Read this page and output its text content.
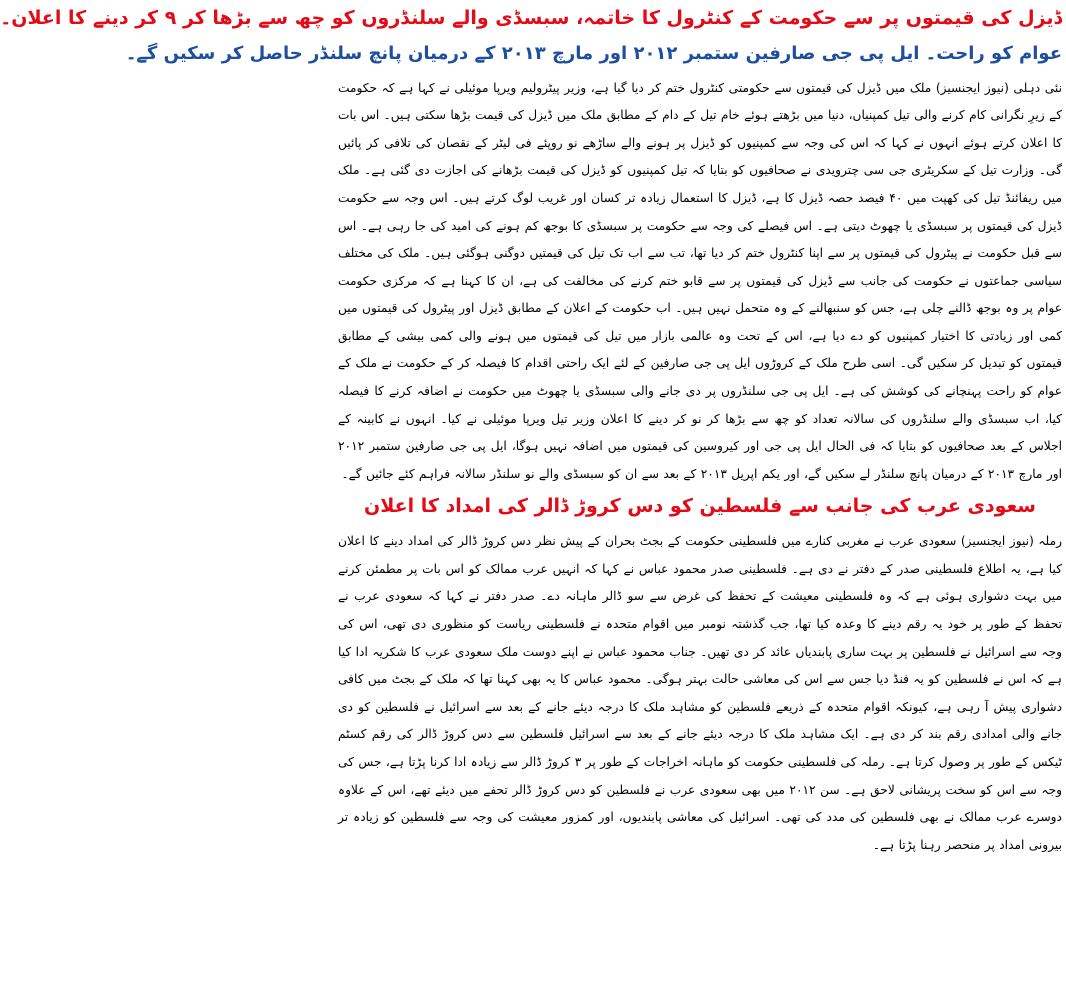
ڈیزل کی قیمتوں پر سے حکومت کے کنٹرول کا خاتمہ، سبسڈی والے سلنڈروں کو چھ سے بڑھا کر ۹ کر دینے کا اعلان۔
عوام کو راحت۔ ایل پی جی صارفین ستمبر ۲۰۱۲ اور مارچ ۲۰۱۳ کے درمیان پانچ سلنڈر حاصل کر سکیں گے۔

نئی دہلی (نیوز ایجنسیز) ملک میں ڈیزل کی قیمتوں سے حکومتی کنٹرول ختم کر دیا گیا ہے، وزیر پیٹرولیم ویرپا موئیلی نے کہا ہے کہ حکومت کے زیرِ نگرانی کام کرنے والی تیل کمپنیاں، دنیا میں بڑھتے ہوئے خام تیل کے دام کے مطابق ملک میں ڈیزل کی قیمت بڑھا سکتی ہیں۔ اس بات کا اعلان کرتے ہوئے انہوں نے کہا کہ اس کی وجہ سے کمپنیوں کو ڈیزل پر ہونے والے ساڑھے نو روپئے فی لیٹر کے نقصان کی تلافی کر پائیں گی۔ وزارت تیل کے سکریٹری جی سی چترویدی نے صحافیوں کو بتایا کہ تیل کمپنیوں کو ڈیزل کی قیمت بڑھانے کی اجازت دی گئی ہے۔ ملک میں ریفائنڈ تیل کی کھپت میں ۴۰ فیصد حصہ ڈیزل کا ہے، ڈیزل کا استعمال زیادہ تر کسان اور غریب لوگ کرتے ہیں۔ اس وجہ سے حکومت ڈیزل کی قیمتوں پر سبسڈی یا چھوٹ دیتی ہے۔ اس فیصلے کی وجہ سے حکومت پر سبسڈی کا بوجھ کم ہونے کی امید کی جا رہی ہے۔ اس سے قبل حکومت نے پیٹرول کی قیمتوں پر سے اپنا کنٹرول ختم کر دیا تھا، تب سے اب تک تیل کی قیمتیں دوگنی ہوگئی ہیں۔ ملک کی مختلف سیاسی جماعتوں نے حکومت کی جانب سے ڈیزل کی قیمتوں پر سے قابو ختم کرنے کی مخالفت کی ہے، ان کا کہنا ہے کہ مرکزی حکومت عوام پر وہ بوجھ ڈالنے چلی ہے، جس کو سنبھالنے کے وہ متحمل نہیں ہیں۔ اب حکومت کے اعلان کے مطابق ڈیزل اور پیٹرول کی قیمتوں میں کمی اور زیادتی کا اختیار کمپنیوں کو دے دیا ہے، اس کے تحت وہ عالمی بازار میں تیل کی قیمتوں میں ہونے والی کمی بیشی کے مطابق قیمتوں کو تبدیل کر سکیں گی۔ اسی طرح ملک کے کروڑوں ایل پی جی صارفین کے لئے ایک راحتی اقدام کا فیصلہ کر کے حکومت نے ملک کے عوام کو راحت پہنچانے کی کوشش کی ہے۔ ایل پی جی سلنڈروں پر دی جانے والی سبسڈی یا چھوٹ میں حکومت نے اضافہ کرنے کا فیصلہ کیا، اب سبسڈی والے سلنڈروں کی سالانہ تعداد کو چھ سے بڑھا کر نو کر دینے کا اعلان وزیر تیل ویرپا موئیلی نے کیا۔ انہوں نے کابینہ کے اجلاس کے بعد صحافیوں کو بتایا کہ فی الحال ایل پی جی اور کیروسین کی قیمتوں میں اضافہ نہیں ہوگا، ایل پی جی صارفین ستمبر ۲۰۱۲ اور مارچ ۲۰۱۳ کے درمیان پانچ سلنڈر لے سکیں گے، اور یکم اپریل ۲۰۱۳ کے بعد سے ان کو سبسڈی والے نو سلنڈر سالانہ فراہم کئے جائیں گے۔

سعودی عرب کی جانب سے فلسطین کو دس کروڑ ڈالر کی امداد کا اعلان

رملہ (نیوز ایجنسیز) سعودی عرب نے مغربی کنارے میں فلسطینی حکومت کے بجٹ بحران کے پیش نظر دس کروڑ ڈالر کی امداد دینے کا اعلان کیا ہے، یہ اطلاع فلسطینی صدر کے دفتر نے دی ہے۔ فلسطینی صدر محمود عباس نے کہا کہ انہیں عرب ممالک کو اس بات پر مطمئن کرنے میں بہت دشواری ہوئی ہے کہ وہ فلسطینی معیشت کے تحفظ کی غرض سے سو ڈالر ماہانہ دے۔ صدر دفتر نے کہا کہ سعودی عرب نے تحفظ کے طور پر خود یہ رقم دینے کا وعدہ کیا تھا، جب گذشتہ نومبر میں اقوام متحدہ نے فلسطینی ریاست کو منظوری دی تھی، اس کی وجہ سے اسرائیل نے فلسطین پر بہت ساری پابندیاں عائد کر دی تھیں۔ جناب محمود عباس نے اپنے دوست ملک سعودی عرب کا شکریہ ادا کیا ہے کہ اس نے فلسطین کو یہ فنڈ دیا جس سے اس کی معاشی حالت بہتر ہوگی۔ محمود عباس کا یہ بھی کہنا تھا کہ ملک کے بجٹ میں کافی دشواری پیش آ رہی ہے، کیونکہ اقوام متحدہ کے ذریعے فلسطین کو مشاہد ملک کا درجہ دیئے جانے کے بعد سے اسرائیل نے فلسطین کو دی جانے والی امدادی رقم بند کر دی ہے۔ ایک مشاہد ملک کا درجہ دیئے جانے کے بعد سے اسرائیل فلسطین سے دس کروڑ ڈالر کی رقم کسٹم ٹیکس کے طور پر وصول کرتا ہے۔ رملہ کی فلسطینی حکومت کو ماہانہ اخراجات کے طور پر ۳ کروڑ ڈالر سے زیادہ ادا کرنا پڑتا ہے، جس کی وجہ سے اس کو سخت پریشانی لاحق ہے۔ سن ۲۰۱۲ میں بھی سعودی عرب نے فلسطین کو دس کروڑ ڈالر تحفے میں دیئے تھے، اس کے علاوہ دوسرے عرب ممالک نے بھی فلسطین کی مدد کی تھی۔ اسرائیل کی معاشی پابندیوں، اور کمزور معیشت کی وجہ سے فلسطین کو زیادہ تر بیرونی امداد پر منحصر رہنا پڑتا ہے۔
